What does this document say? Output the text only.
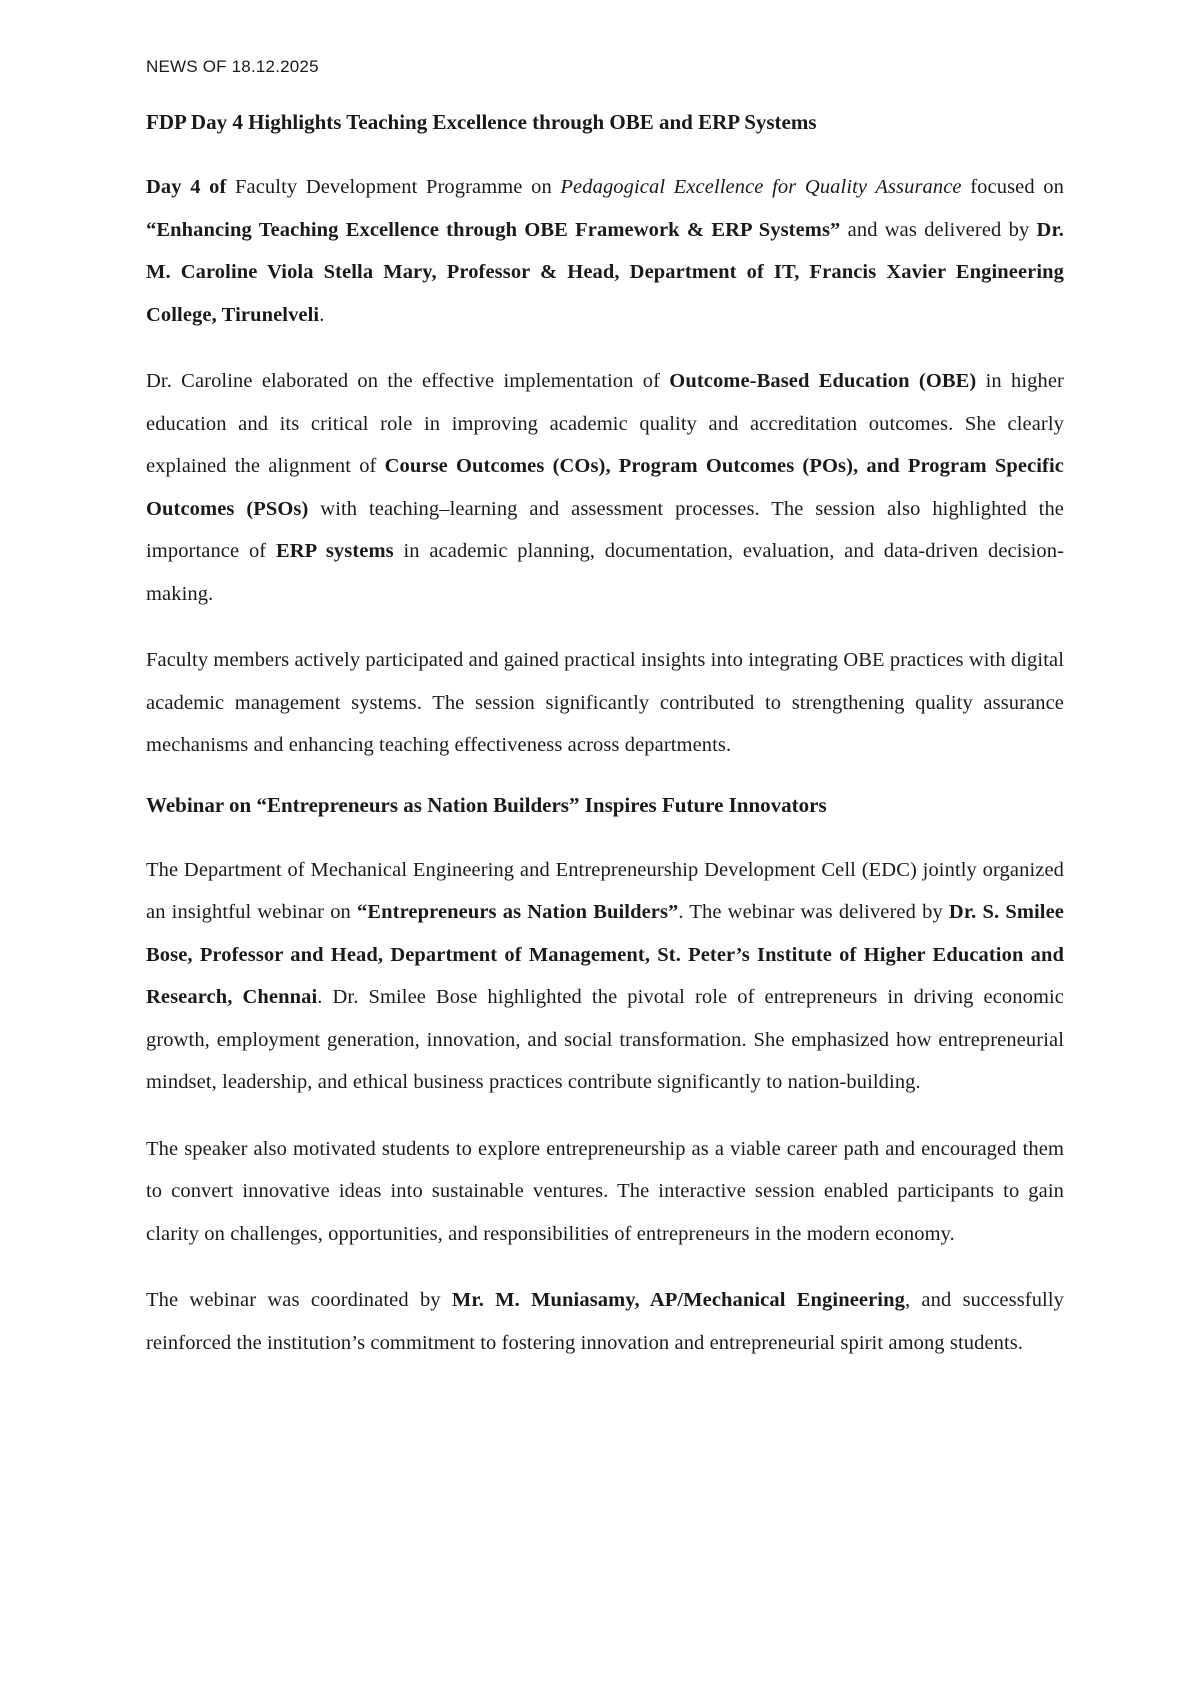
NEWS OF 18.12.2025
FDP Day 4 Highlights Teaching Excellence through OBE and ERP Systems

Day 4 of Faculty Development Programme on Pedagogical Excellence for Quality Assurance focused on “Enhancing Teaching Excellence through OBE Framework & ERP Systems” and was delivered by Dr. M. Caroline Viola Stella Mary, Professor & Head, Department of IT, Francis Xavier Engineering College, Tirunelveli.

Dr. Caroline elaborated on the effective implementation of Outcome-Based Education (OBE) in higher education and its critical role in improving academic quality and accreditation outcomes. She clearly explained the alignment of Course Outcomes (COs), Program Outcomes (POs), and Program Specific Outcomes (PSOs) with teaching–learning and assessment processes. The session also highlighted the importance of ERP systems in academic planning, documentation, evaluation, and data-driven decision-making.

Faculty members actively participated and gained practical insights into integrating OBE practices with digital academic management systems. The session significantly contributed to strengthening quality assurance mechanisms and enhancing teaching effectiveness across departments.

Webinar on “Entrepreneurs as Nation Builders” Inspires Future Innovators

The Department of Mechanical Engineering and Entrepreneurship Development Cell (EDC) jointly organized an insightful webinar on “Entrepreneurs as Nation Builders”. The webinar was delivered by Dr. S. Smilee Bose, Professor and Head, Department of Management, St. Peter’s Institute of Higher Education and Research, Chennai. Dr. Smilee Bose highlighted the pivotal role of entrepreneurs in driving economic growth, employment generation, innovation, and social transformation. She emphasized how entrepreneurial mindset, leadership, and ethical business practices contribute significantly to nation-building.

The speaker also motivated students to explore entrepreneurship as a viable career path and encouraged them to convert innovative ideas into sustainable ventures. The interactive session enabled participants to gain clarity on challenges, opportunities, and responsibilities of entrepreneurs in the modern economy.

The webinar was coordinated by Mr. M. Muniasamy, AP/Mechanical Engineering, and successfully reinforced the institution’s commitment to fostering innovation and entrepreneurial spirit among students.
